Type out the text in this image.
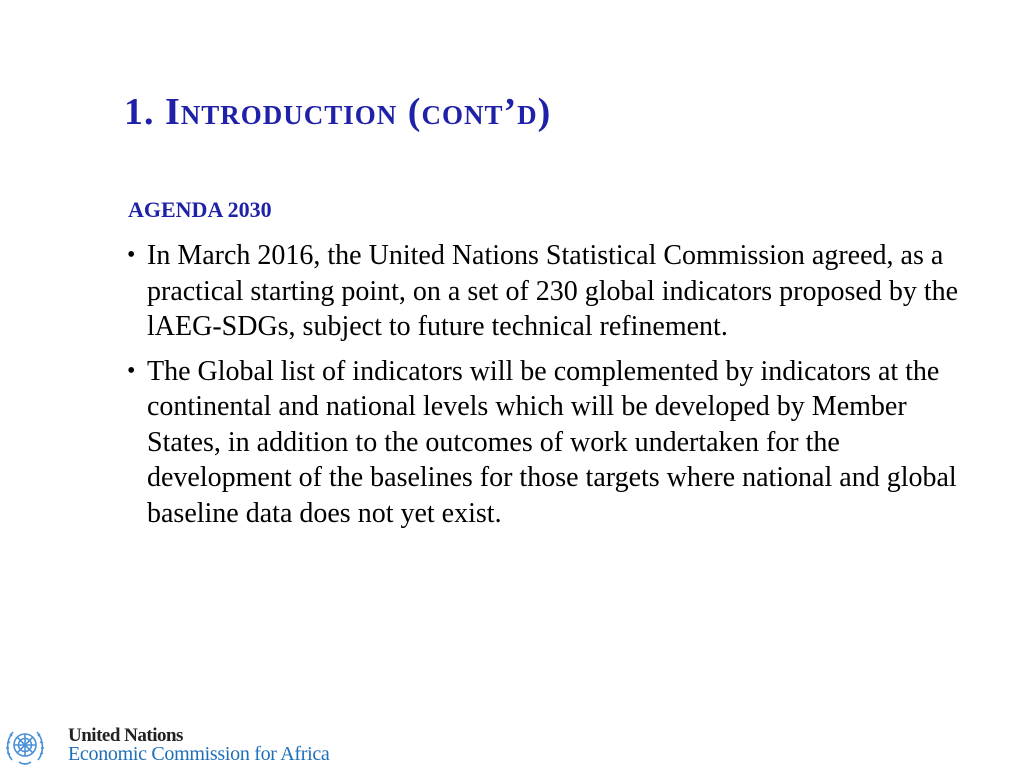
1. Introduction (cont’d)
AGENDA 2030
• In March 2016, the United Nations Statistical Commission agreed, as a practical starting point, on a set of 230 global indicators proposed by the lAEG-SDGs, subject to future technical refinement.
• The Global list of indicators will be complemented by indicators at the continental and national levels which will be developed by Member States, in addition to the outcomes of work undertaken for the development of the baselines for those targets where national and global baseline data does not yet exist.
United Nations
Economic Commission for Africa
